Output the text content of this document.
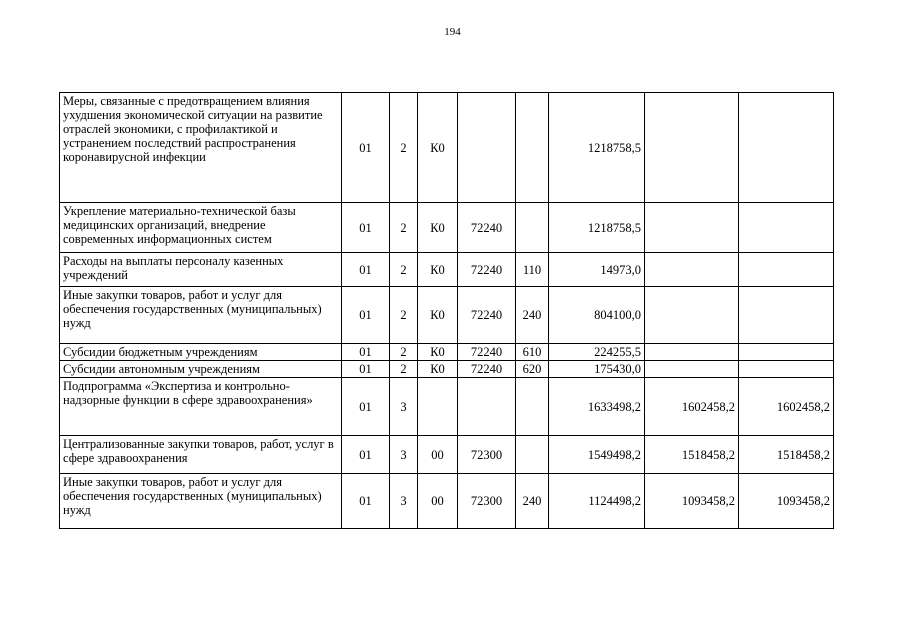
194
Меры, связанные с предотвращением влияния ухудшения экономической ситуации на развитие отраслей экономики, с профилактикой и устранением последствий распространения коронавирусной инфекции	01	2	К0			1218758,5		
Укрепление материально-технической базы медицинских организаций, внедрение современных информационных систем	01	2	К0	72240		1218758,5		
Расходы на выплаты персоналу казенных учреждений	01	2	К0	72240	110	14973,0		
Иные закупки товаров, работ и услуг для обеспечения государственных (муниципальных) нужд	01	2	К0	72240	240	804100,0		
Субсидии бюджетным учреждениям	01	2	К0	72240	610	224255,5		
Субсидии автономным учреждениям	01	2	К0	72240	620	175430,0		
Подпрограмма «Экспертиза и контрольно-надзорные функции в сфере здравоохранения»	01	3				1633498,2	1602458,2	1602458,2
Централизованные закупки товаров, работ, услуг в сфере здравоохранения	01	3	00	72300		1549498,2	1518458,2	1518458,2
Иные закупки товаров, работ и услуг для обеспечения государственных (муниципальных) нужд	01	3	00	72300	240	1124498,2	1093458,2	1093458,2
